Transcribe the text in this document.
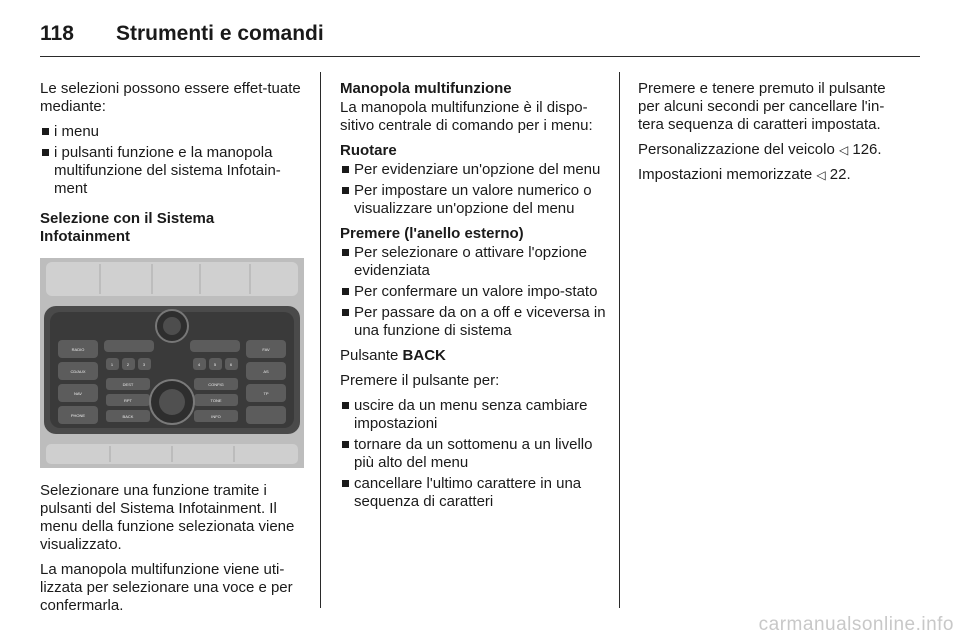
118	Strumenti e comandi

Le selezioni possono essere effet-tuate mediante:

i menu
i pulsanti funzione e la manopola multifunzione del sistema Infotain-ment

Selezione con il Sistema Infotainment

RADIO
CD/AUX
NAV
PHONE
FAV
AS
TP
1	2	3	4	5	6
DEST
RPT
BACK
CONFIG
TONE
INFO

Selezionare una funzione tramite i pulsanti del Sistema Infotainment. Il menu della funzione selezionata viene visualizzato.

La manopola multifunzione viene uti-lizzata per selezionare una voce e per confermarla.

Manopola multifunzione

La manopola multifunzione è il dispo-sitivo centrale di comando per i menu:

Ruotare

Per evidenziare un'opzione del menu
Per impostare un valore numerico o visualizzare un'opzione del menu

Premere (l'anello esterno)

Per selezionare o attivare l'opzione evidenziata
Per confermare un valore impo-stato
Per passare da on a off e viceversa in una funzione di sistema

Pulsante BACK

Premere il pulsante per:

uscire da un menu senza cambiare impostazioni
tornare da un sottomenu a un livello più alto del menu
cancellare l'ultimo carattere in una sequenza di caratteri

Premere e tenere premuto il pulsante per alcuni secondi per cancellare l'in-tera sequenza di caratteri impostata.

Personalizzazione del veicolo ◁ 126.

Impostazioni memorizzate ◁ 22.

carmanualsonline.info
